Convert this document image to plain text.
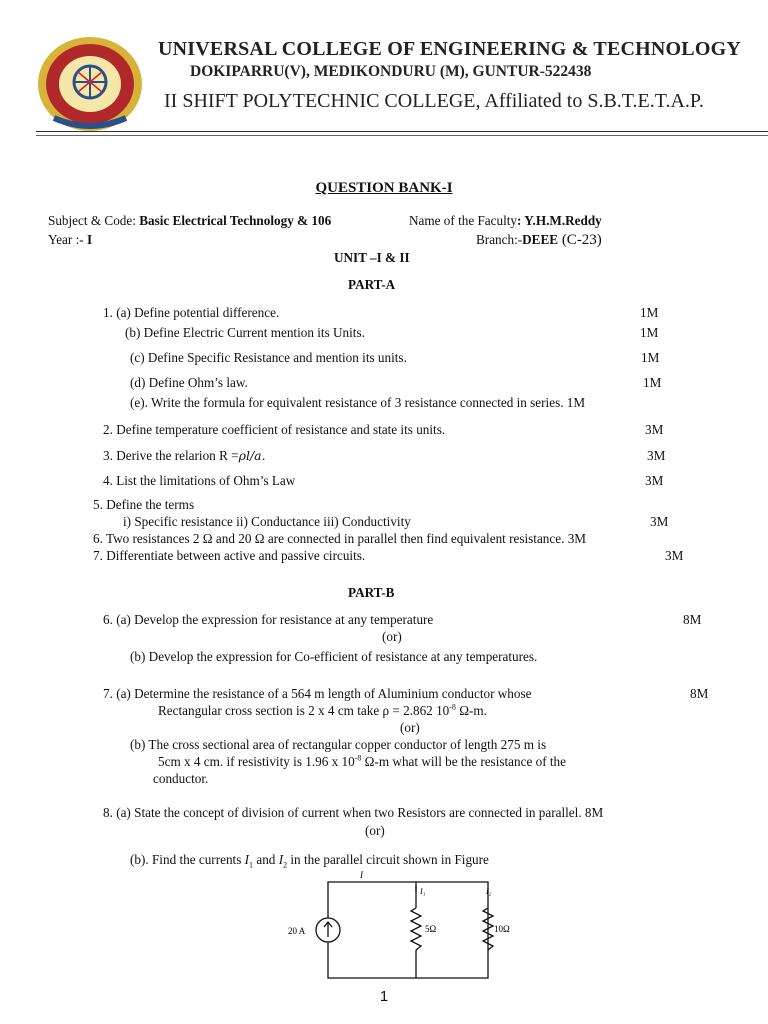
UNIVERSAL COLLEGE OF ENGINEERING & TECHNOLOGY
DOKIPARRU(V), MEDIKONDURU (M), GUNTUR-522438
II SHIFT POLYTECHNIC COLLEGE, Affiliated to S.B.T.E.T.A.P.
QUESTION BANK-I
Subject & Code: Basic Electrical Technology & 106	Name of the Faculty: Y.H.M.Reddy
Year :- I	Branch:-DEEE (C-23)
UNIT –I & II
PART-A
1. (a) Define potential difference.	1M
(b) Define Electric Current mention its Units.	1M
(c) Define Specific Resistance and mention its units.	1M
(d) Define Ohm’s law.	1M
(e). Write the formula for equivalent resistance of 3 resistance connected in series. 1M
2. Define temperature coefficient of resistance and state its units.	3M
3. Derive the relarion R =ρl/a.	3M
4. List the limitations of Ohm’s Law	3M
5. Define the terms
i) Specific resistance ii) Conductance iii) Conductivity	3M
6. Two resistances 2 Ω and 20 Ω are connected in parallel then find equivalent resistance. 3M
7. Differentiate between active and passive circuits.	3M
PART-B
6. (a) Develop the expression for resistance at any temperature	8M
(or)
(b) Develop the expression for Co-efficient of resistance at any temperatures.
7. (a) Determine the resistance of a 564 m length of Aluminium conductor whose	8M
Rectangular cross section is 2 x 4 cm take ρ = 2.862 $10^{-8}$ Ω-m.
(or)
(b) The cross sectional area of rectangular copper conductor of length 275 m is
5cm x 4 cm. if resistivity is 1.96 x $10^{-8}$ Ω-m what will be the resistance of the
conductor.
8. (a) State the concept of division of current when two Resistors are connected in parallel. 8M
(or)
(b). Find the currents $I_1$ and $I_2$ in the parallel circuit shown in Figure
20 A	5Ω	10Ω
I
I₁	I₂
1
